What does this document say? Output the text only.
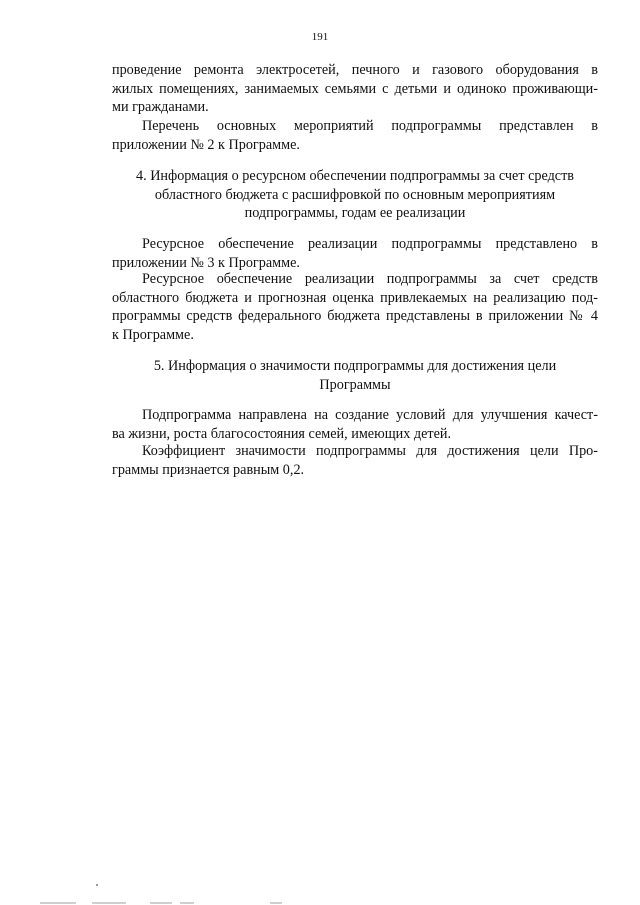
191
проведение ремонта электросетей, печного и газового оборудования в
жилых помещениях, занимаемых семьями с детьми и одиноко проживающи-
ми гражданами.
Перечень основных мероприятий подпрограммы представлен в
приложении № 2 к Программе.
4. Информация о ресурсном обеспечении подпрограммы за счет средств
областного бюджета с расшифровкой по основным мероприятиям
подпрограммы, годам ее реализации
Ресурсное обеспечение реализации подпрограммы представлено в
приложении № 3 к Программе.
Ресурсное обеспечение реализации подпрограммы за счет средств
областного бюджета и прогнозная оценка привлекаемых на реализацию под-
программы средств федерального бюджета представлены в приложении № 4
к Программе.
5. Информация о значимости подпрограммы для достижения цели
Программы
Подпрограмма направлена на создание условий для улучшения качест-
ва жизни, роста благосостояния семей, имеющих детей.
Коэффициент значимости подпрограммы для достижения цели Про-
граммы признается равным 0,2.
